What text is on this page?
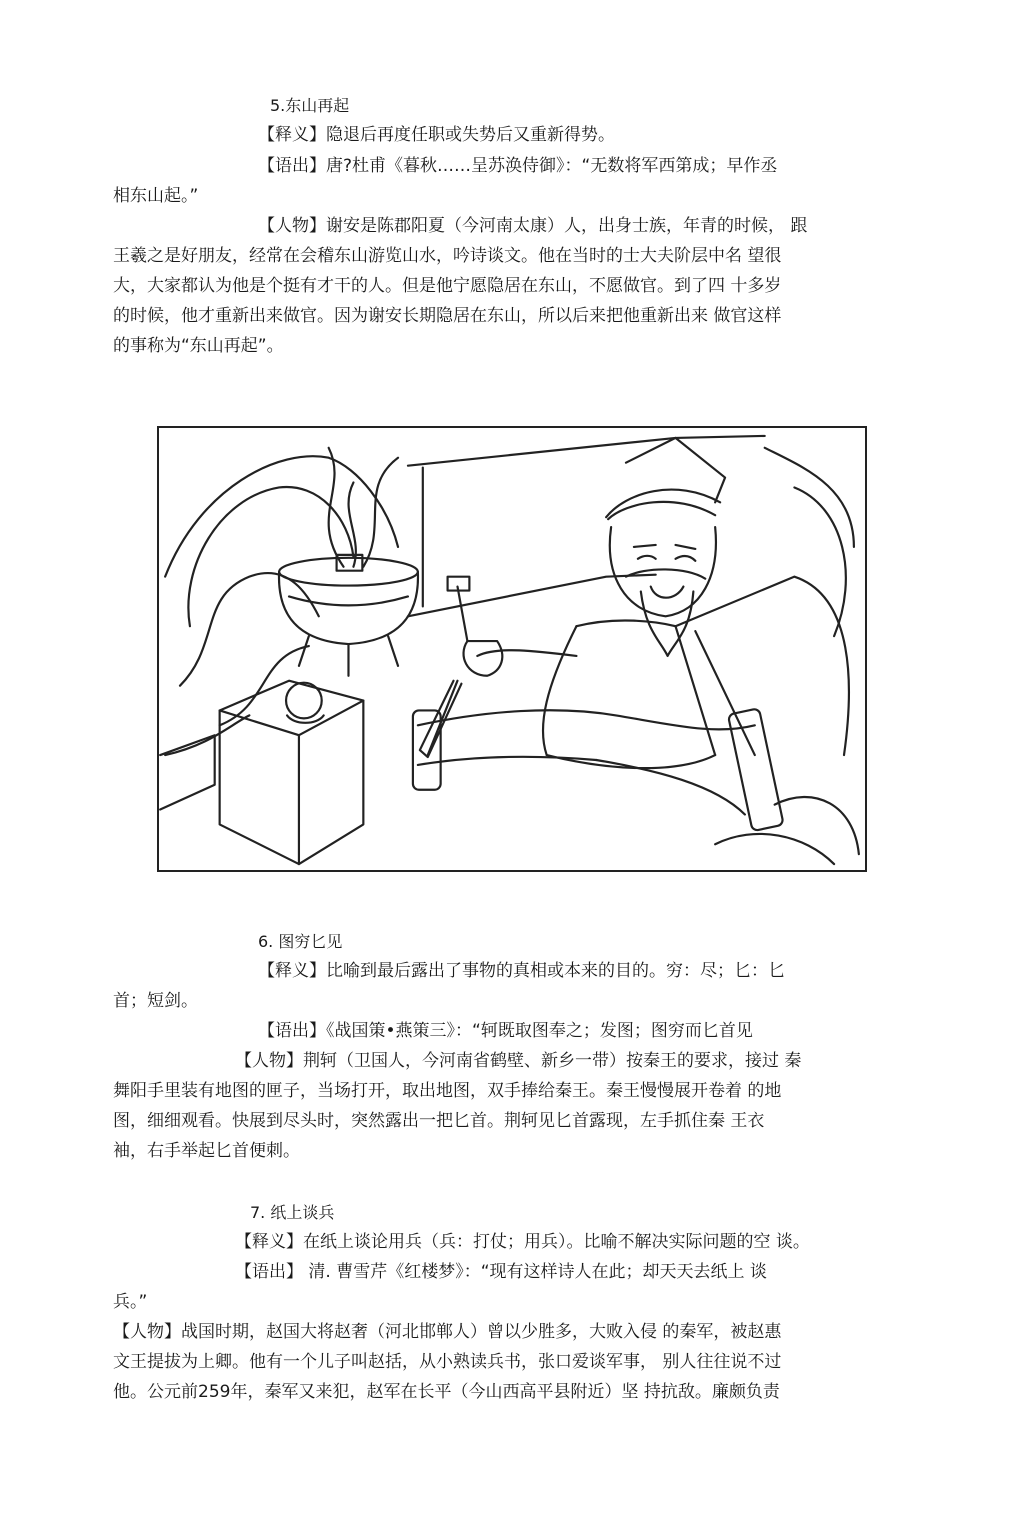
5.东山再起
【释义】隐退后再度任职或失势后又重新得势。
【语出】唐?杜甫《暮秋……呈苏涣侍御》：“无数将军西第成；早作丞
相东山起。”
【人物】谢安是陈郡阳夏（今河南太康）人，出身士族，年青的时候， 跟
王羲之是好朋友，经常在会稽东山游览山水，吟诗谈文。他在当时的士大夫阶层中名 望很
大，大家都认为他是个挺有才干的人。但是他宁愿隐居在东山，不愿做官。到了四 十多岁
的时候，他才重新出来做官。因为谢安长期隐居在东山，所以后来把他重新出来 做官这样
的事称为“东山再起”。
6. 图穷匕见
【释义】比喻到最后露出了事物的真相或本来的目的。穷：尽；匕：匕
首；短剑。
【语出】《战国策•燕策三》：“轲既取图奉之；发图；图穷而匕首见
【人物】荆轲（卫国人，今河南省鹤壁、新乡一带）按秦王的要求，接过 秦
舞阳手里装有地图的匣子，当场打开，取出地图，双手捧给秦王。秦王慢慢展开卷着 的地
图，细细观看。快展到尽头时，突然露出一把匕首。荆轲见匕首露现，左手抓住秦 王衣
袖，右手举起匕首便刺。
7. 纸上谈兵
【释义】在纸上谈论用兵（兵：打仗；用兵）。比喻不解决实际问题的空 谈。
【语出】 清. 曹雪芹《红楼梦》：“现有这样诗人在此；却天天去纸上 谈
兵。”
【人物】战国时期，赵国大将赵奢（河北邯郸人）曾以少胜多，大败入侵 的秦军，被赵惠
文王提拔为上卿。他有一个儿子叫赵括，从小熟读兵书，张口爱谈军事， 别人往往说不过
他。公元前259年，秦军又来犯，赵军在长平（今山西高平县附近）坚 持抗敌。廉颇负责
